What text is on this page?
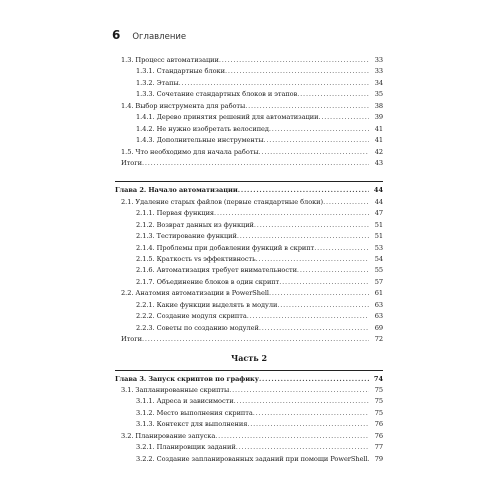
6 Оглавление
1.3. Процесс автоматизации .....	33
1.3.1. Стандартные блоки .....	33
1.3.2. Этапы .....	34
1.3.3. Сочетание стандартных блоков и этапов .....	35
1.4. Выбор инструмента для работы .....	38
1.4.1. Дерево принятия решений для автоматизации .....	39
1.4.2. Не нужно изобретать велосипед .....	41
1.4.3. Дополнительные инструменты .....	41
1.5. Что необходимо для начала работы .....	42
Итоги .....	43
Глава 2. Начало автоматизации .....	44
2.1. Удаление старых файлов (первые стандартные блоки) .....	44
2.1.1. Первая функция .....	47
2.1.2. Возврат данных из функций .....	51
2.1.3. Тестирование функций .....	51
2.1.4. Проблемы при добавлении функций в скрипт .....	53
2.1.5. Краткость vs эффективность .....	54
2.1.6. Автоматизация требует внимательности .....	55
2.1.7. Объединение блоков в один скрипт .....	57
2.2. Анатомия автоматизации в PowerShell .....	61
2.2.1. Какие функции выделять в модули .....	63
2.2.2. Создание модуля скрипта .....	63
2.2.3. Советы по созданию модулей .....	69
Итоги .....	72
Часть 2
Глава 3. Запуск скриптов по графику .....	74
3.1. Запланированные скрипты .....	75
3.1.1. Адреса и зависимости .....	75
3.1.2. Место выполнения скрипта .....	75
3.1.3. Контекст для выполнения .....	76
3.2. Планирование запуска .....	76
3.2.1. Планировщик заданий .....	77
3.2.2. Создание запланированных заданий при помощи PowerShell .....	79
